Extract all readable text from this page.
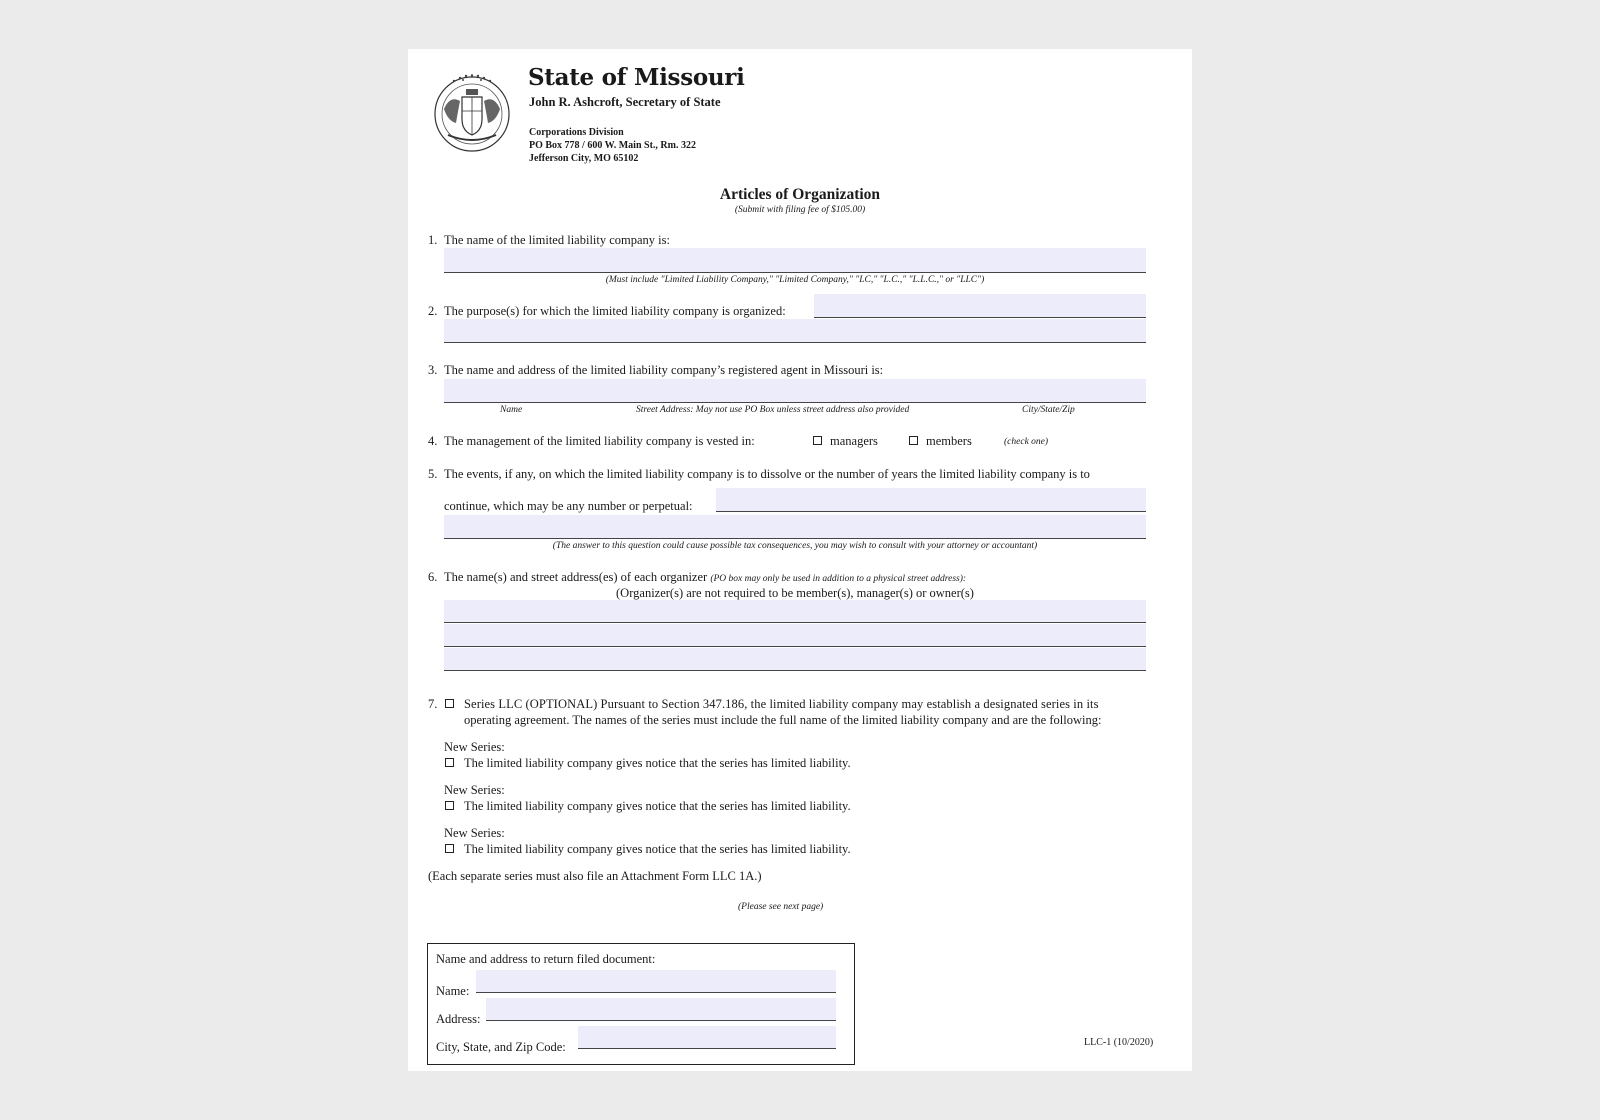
State of Missouri
John R. Ashcroft, Secretary of State
Corporations Division
PO Box 778 / 600 W. Main St., Rm. 322
Jefferson City, MO 65102
Articles of Organization
(Submit with filing fee of $105.00)
1. The name of the limited liability company is:
(Must include "Limited Liability Company," "Limited Company," "LC," "L.C.," "L.L.C.," or "LLC")
2. The purpose(s) for which the limited liability company is organized:
3. The name and address of the limited liability company’s registered agent in Missouri is:
Name	Street Address: May not use PO Box unless street address also provided	City/State/Zip
4. The management of the limited liability company is vested in:	managers	members	(check one)
5. The events, if any, on which the limited liability company is to dissolve or the number of years the limited liability company is to
continue, which may be any number or perpetual:
(The answer to this question could cause possible tax consequences, you may wish to consult with your attorney or accountant)
6. The name(s) and street address(es) of each organizer (PO box may only be used in addition to a physical street address):
(Organizer(s) are not required to be member(s), manager(s) or owner(s)
7. Series LLC (OPTIONAL) Pursuant to Section 347.186, the limited liability company may establish a designated series in its
operating agreement. The names of the series must include the full name of the limited liability company and are the following:
New Series:
The limited liability company gives notice that the series has limited liability.
New Series:
The limited liability company gives notice that the series has limited liability.
New Series:
The limited liability company gives notice that the series has limited liability.
(Each separate series must also file an Attachment Form LLC 1A.)
(Please see next page)
Name and address to return filed document:
Name:
Address:
City, State, and Zip Code:	LLC-1 (10/2020)
